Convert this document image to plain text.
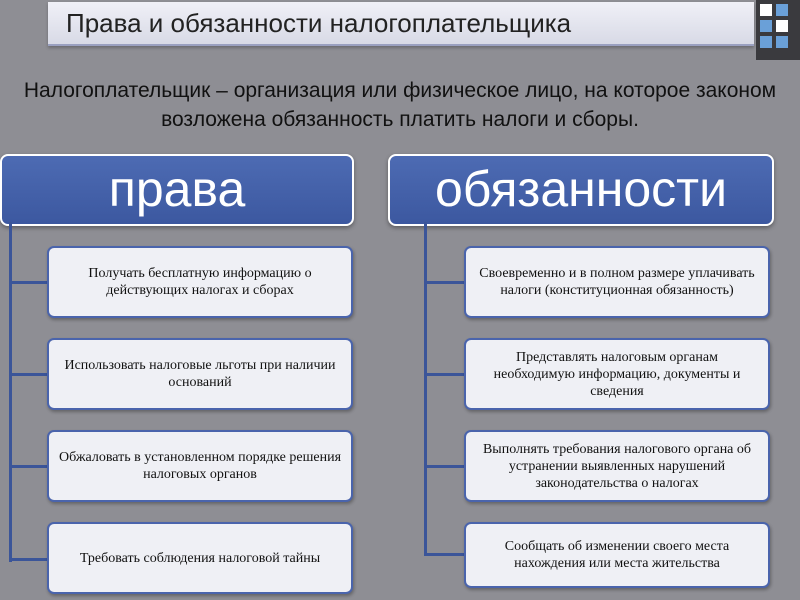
Права и обязанности налогоплательщика
Налогоплательщик – организация или физическое лицо, на которое законом возложена обязанность платить налоги и сборы.
права
Получать бесплатную информацию о действующих налогах и сборах
Использовать налоговые льготы при наличии оснований
Обжаловать в установленном порядке решения налоговых органов
Требовать соблюдения налоговой тайны
обязанности
Своевременно и в полном размере уплачивать налоги (конституционная обязанность)
Представлять налоговым органам необходимую информацию, документы и сведения
Выполнять требования налогового органа об устранении выявленных нарушений законодательства о налогах
Сообщать об изменении своего места нахождения или места жительства
